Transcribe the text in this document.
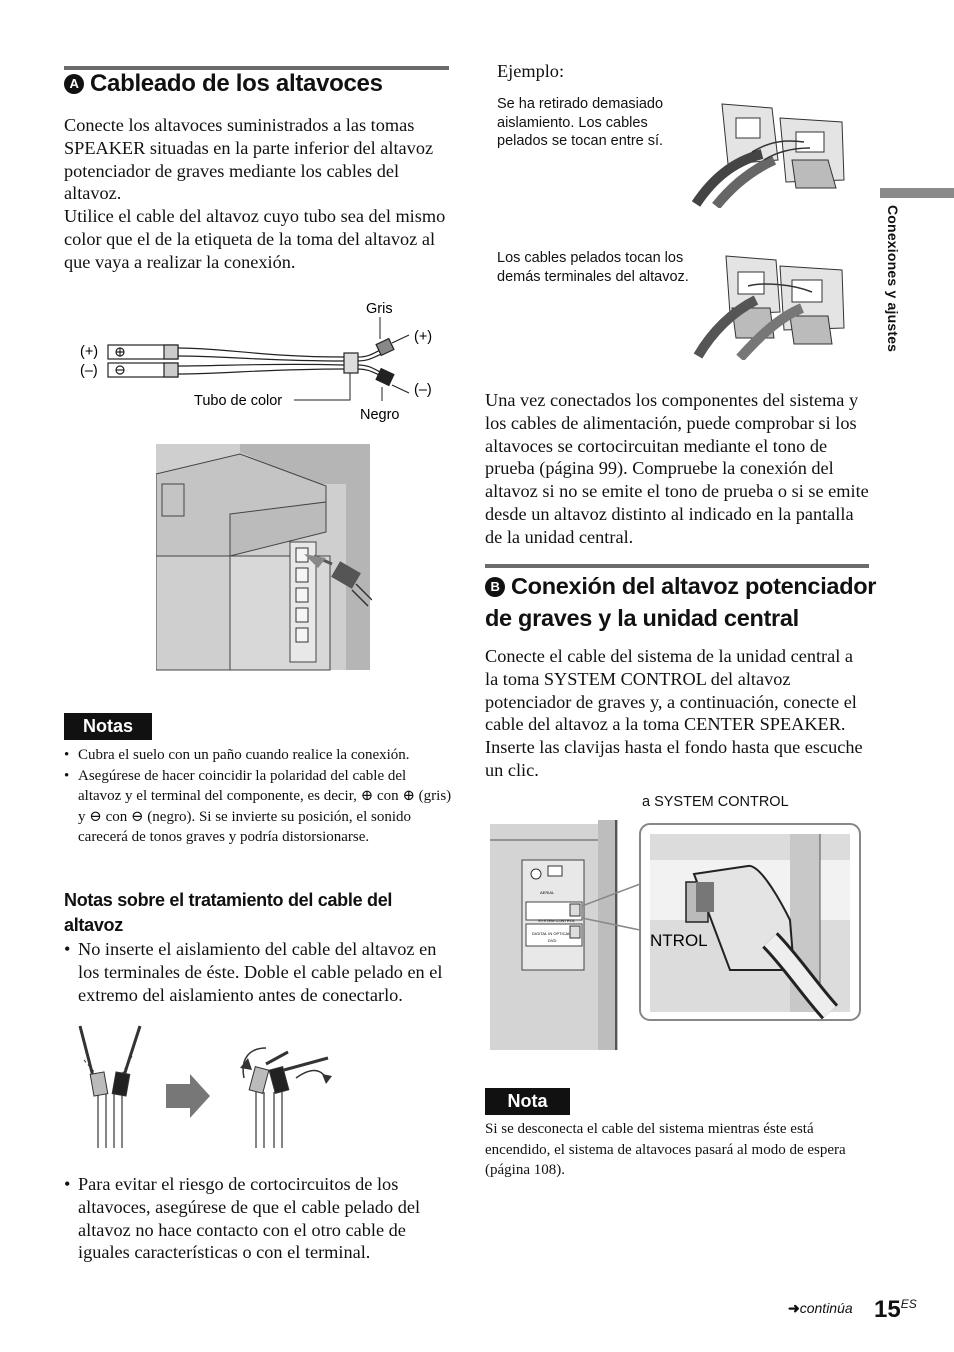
A Cableado de los altavoces
Conecte los altavoces suministrados a las tomas SPEAKER situadas en la parte inferior del altavoz potenciador de graves mediante los cables del altavoz.
Utilice el cable del altavoz cuyo tubo sea del mismo color que el de la etiqueta de la toma del altavoz al que vaya a realizar la conexión.
Gris
(+)
(–)
(+)
(–)
Tubo de color
Negro
Notas
• Cubra el suelo con un paño cuando realice la conexión.
• Asegúrese de hacer coincidir la polaridad del cable del altavoz y el terminal del componente, es decir, ⊕ con ⊕ (gris) y ⊖ con ⊖ (negro). Si se invierte su posición, el sonido carecerá de tonos graves y podría distorsionarse.
Notas sobre el tratamiento del cable del altavoz
• No inserte el aislamiento del cable del altavoz en los terminales de éste. Doble el cable pelado en el extremo del aislamiento antes de conectarlo.
• Para evitar el riesgo de cortocircuitos de los altavoces, asegúrese de que el cable pelado del altavoz no hace contacto con el otro cable de iguales características o con el terminal.
Ejemplo:
Se ha retirado demasiado aislamiento. Los cables pelados se tocan entre sí.
Los cables pelados tocan los demás terminales del altavoz.
Una vez conectados los componentes del sistema y los cables de alimentación, puede comprobar si los altavoces se cortocircuitan mediante el tono de prueba (página 99). Compruebe la conexión del altavoz si no se emite el tono de prueba o si se emite desde un altavoz distinto al indicado en la pantalla de la unidad central.
B Conexión del altavoz potenciador
de graves y la unidad central
Conecte el cable del sistema de la unidad central a la toma SYSTEM CONTROL del altavoz potenciador de graves y, a continuación, conecte el cable del altavoz a la toma CENTER SPEAKER. Inserte las clavijas hasta el fondo hasta que escuche un clic.
a SYSTEM CONTROL
AERIAL
SYSTEM CONTROL
DIGITAL IN OPTICAL
DVD	NTROL
Nota
Si se desconecta el cable del sistema mientras éste está encendido, el sistema de altavoces pasará al modo de espera (página 108).
Conexiones y ajustes
➜continúa $15^{ES}$
